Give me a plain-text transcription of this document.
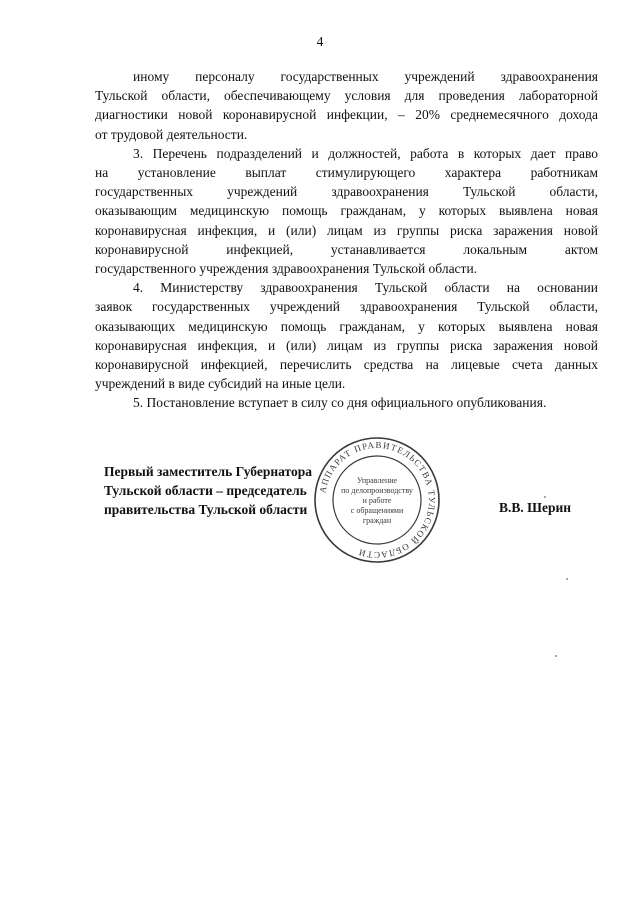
4

иному персоналу государственных учреждений здравоохранения
Тульской области, обеспечивающему условия для проведения лабораторной
диагностики новой коронавирусной инфекции, – 20% среднемесячного дохода
от трудовой деятельности.

3. Перечень подразделений и должностей, работа в которых дает право
на установление выплат стимулирующего характера работникам
государственных учреждений здравоохранения Тульской области,
оказывающим медицинскую помощь гражданам, у которых выявлена новая
коронавирусная инфекция, и (или) лицам из группы риска заражения новой
коронавирусной инфекцией, устанавливается локальным актом
государственного учреждения здравоохранения Тульской области.

4. Министерству здравоохранения Тульской области на основании
заявок государственных учреждений здравоохранения Тульской области,
оказывающих медицинскую помощь гражданам, у которых выявлена новая
коронавирусная инфекция, и (или) лицам из группы риска заражения новой
коронавирусной инфекцией, перечислить средства на лицевые счета данных
учреждений в виде субсидий на иные цели.

5. Постановление вступает в силу со дня официального опубликования.

Первый заместитель Губернатора
Тульской области – председатель
правительства Тульской области	В.В. Шерин
АППАРАТ ПРАВИТЕЛЬСТВА ТУЛЬСКОЙ ОБЛАСТИ
Управление
по делопроизводству
и работе
с обращениями
граждан
